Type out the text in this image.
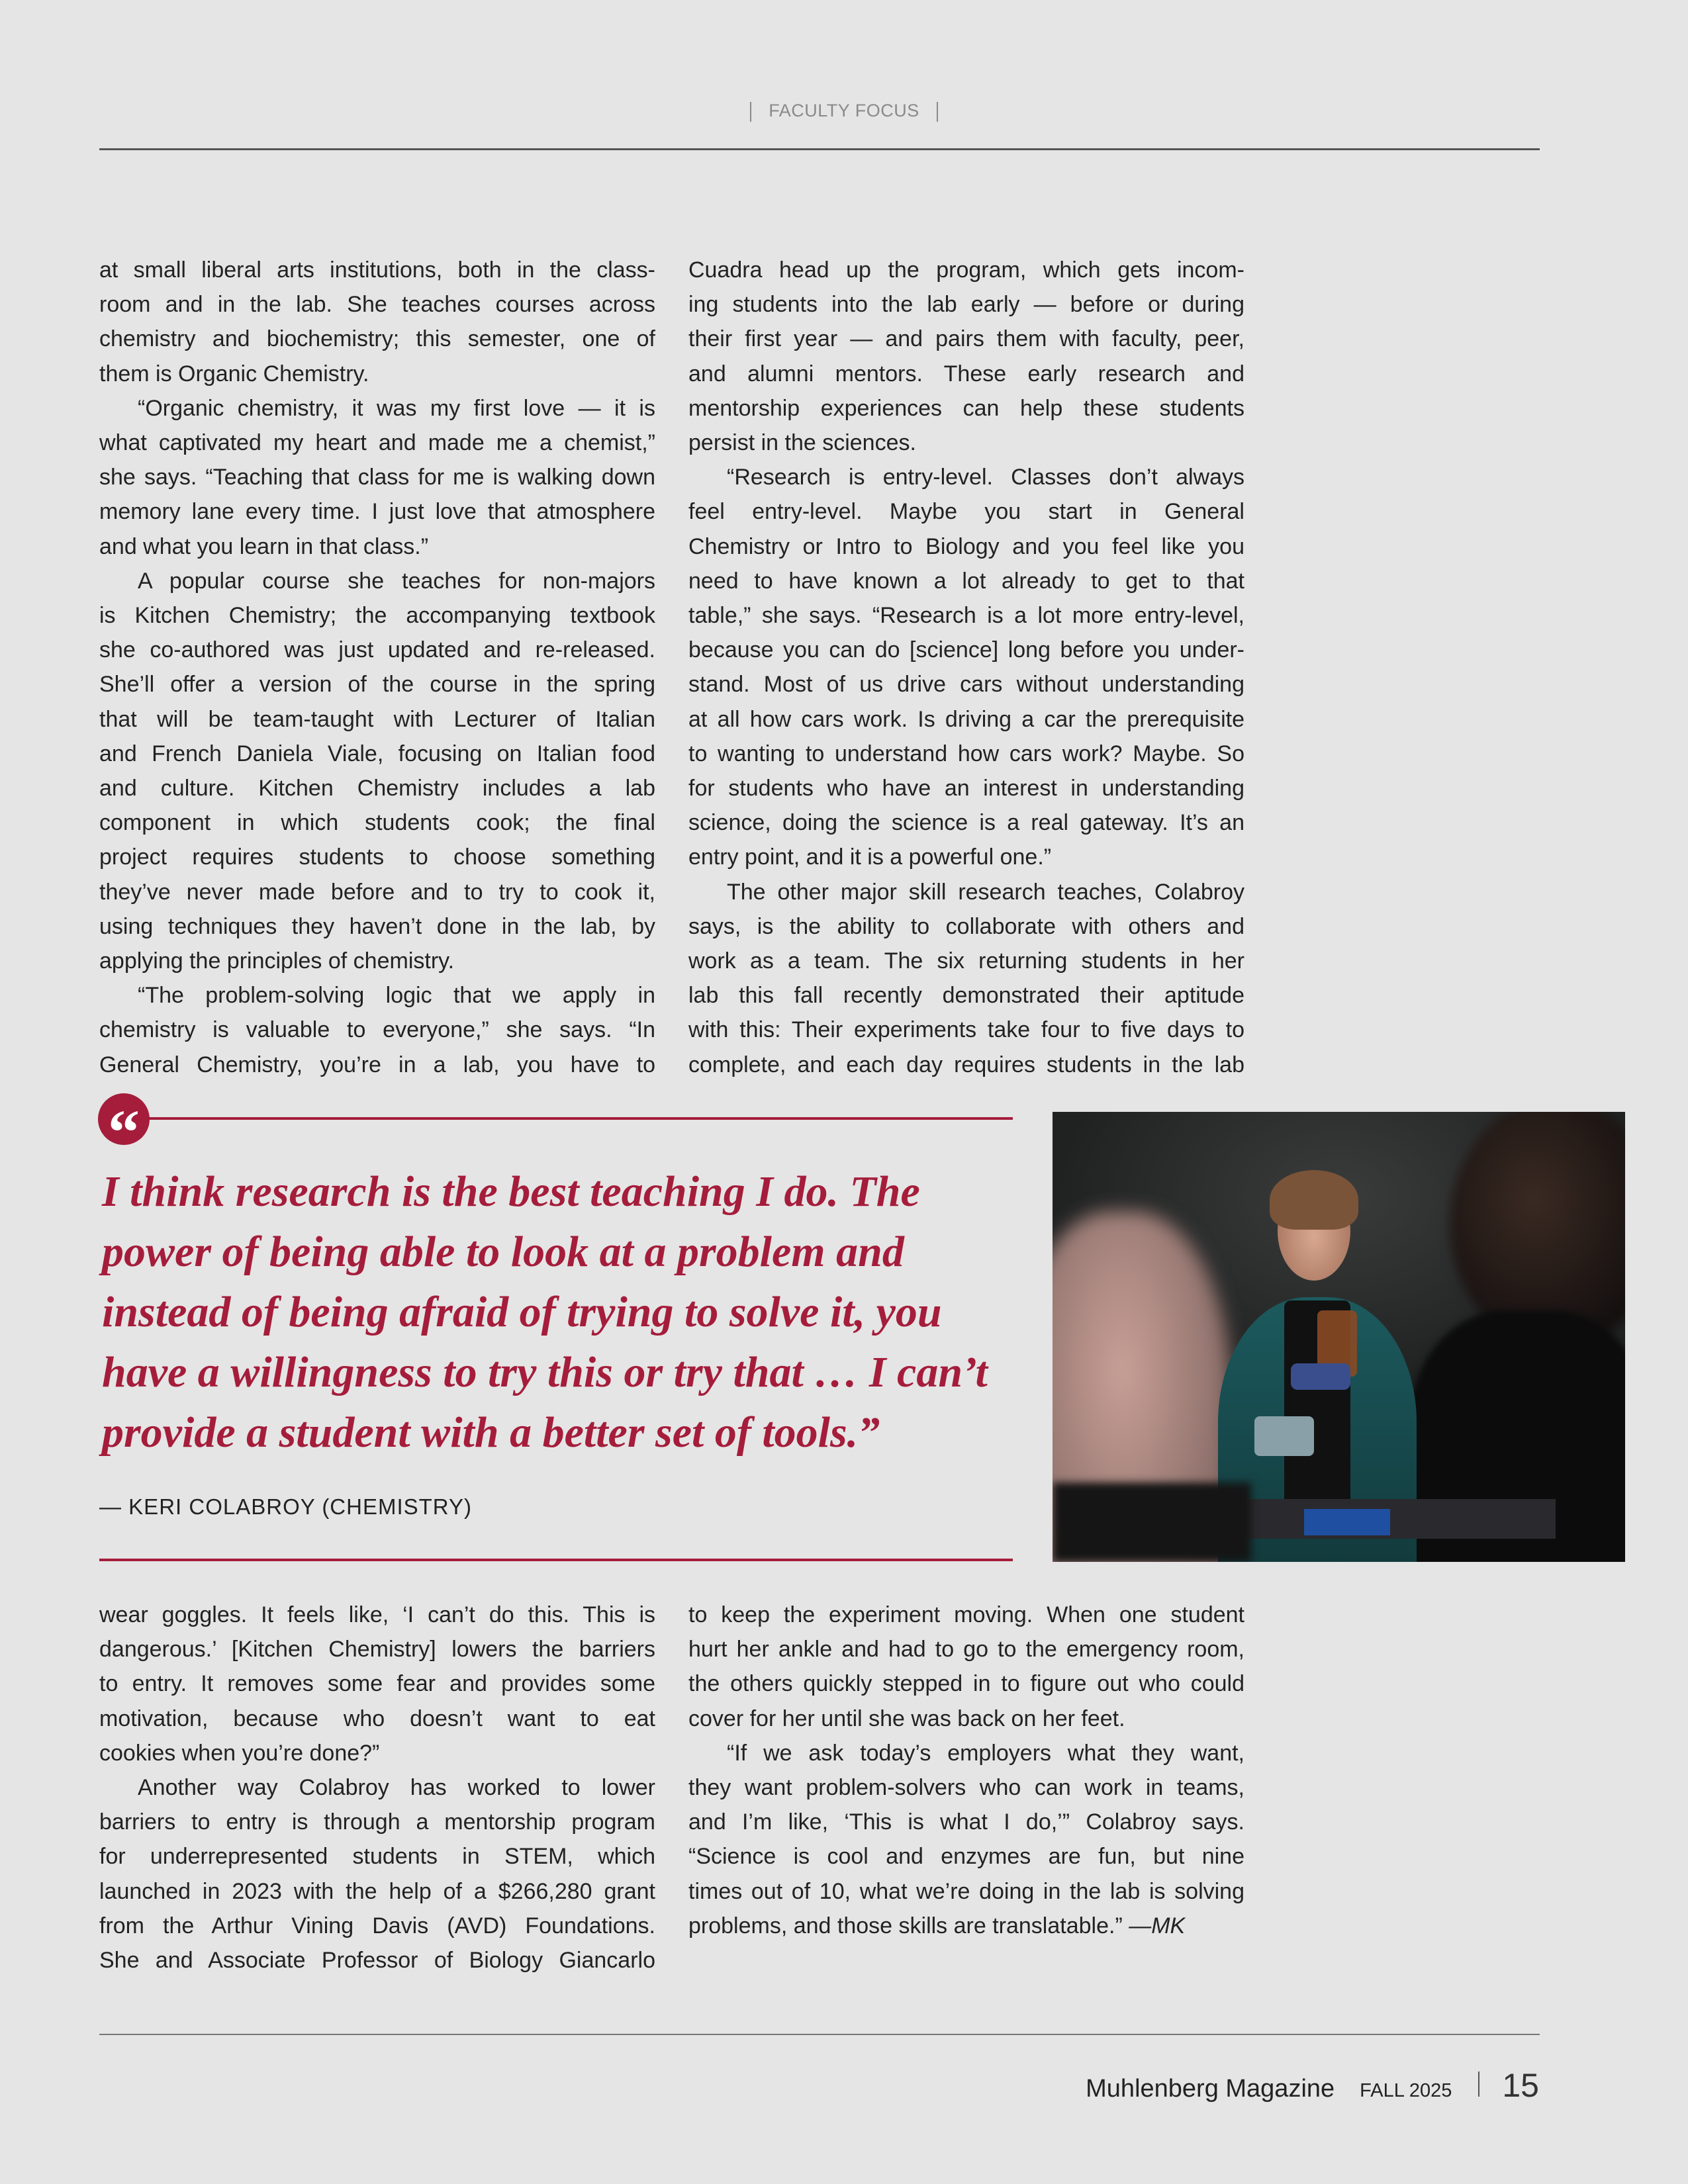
FACULTY FOCUS
at small liberal arts institutions, both in the class-
room and in the lab. She teaches courses across
chemistry and biochemistry; this semester, one of
them is Organic Chemistry.
“Organic chemistry, it was my first love — it is
what captivated my heart and made me a chemist,”
she says. “Teaching that class for me is walking down
memory lane every time. I just love that atmosphere
and what you learn in that class.”
A popular course she teaches for non-majors
is Kitchen Chemistry; the accompanying textbook
she co-authored was just updated and re-released.
She’ll offer a version of the course in the spring
that will be team-taught with Lecturer of Italian
and French Daniela Viale, focusing on Italian food
and culture. Kitchen Chemistry includes a lab
component in which students cook; the final
project requires students to choose something
they’ve never made before and to try to cook it,
using techniques they haven’t done in the lab, by
applying the principles of chemistry.
“The problem-solving logic that we apply in
chemistry is valuable to everyone,” she says. “In
General Chemistry, you’re in a lab, you have to
Cuadra head up the program, which gets incom-
ing students into the lab early — before or during
their first year — and pairs them with faculty, peer,
and alumni mentors. These early research and
mentorship experiences can help these students
persist in the sciences.
“Research is entry-level. Classes don’t always
feel entry-level. Maybe you start in General
Chemistry or Intro to Biology and you feel like you
need to have known a lot already to get to that
table,” she says. “Research is a lot more entry-level,
because you can do [science] long before you under-
stand. Most of us drive cars without understanding
at all how cars work. Is driving a car the prerequisite
to wanting to understand how cars work? Maybe. So
for students who have an interest in understanding
science, doing the science is a real gateway. It’s an
entry point, and it is a powerful one.”
The other major skill research teaches, Colabroy
says, is the ability to collaborate with others and
work as a team. The six returning students in her
lab this fall recently demonstrated their aptitude
with this: Their experiments take four to five days to
complete, and each day requires students in the lab
“
I think research is the best teaching I do. The
power of being able to look at a problem and
instead of being afraid of trying to solve it, you
have a willingness to try this or try that … I can’t
provide a student with a better set of tools.”
— KERI COLABROY (CHEMISTRY)
wear goggles. It feels like, ‘I can’t do this. This is
dangerous.’ [Kitchen Chemistry] lowers the barriers
to entry. It removes some fear and provides some
motivation, because who doesn’t want to eat
cookies when you’re done?”
Another way Colabroy has worked to lower
barriers to entry is through a mentorship program
for underrepresented students in STEM, which
launched in 2023 with the help of a $266,280 grant
from the Arthur Vining Davis (AVD) Foundations.
She and Associate Professor of Biology Giancarlo
to keep the experiment moving. When one student
hurt her ankle and had to go to the emergency room,
the others quickly stepped in to figure out who could
cover for her until she was back on her feet.
“If we ask today’s employers what they want,
they want problem-solvers who can work in teams,
and I’m like, ‘This is what I do,’” Colabroy says.
“Science is cool and enzymes are fun, but nine
times out of 10, what we’re doing in the lab is solving
problems, and those skills are translatable.” —MK
Muhlenberg Magazine FALL 2025 15
